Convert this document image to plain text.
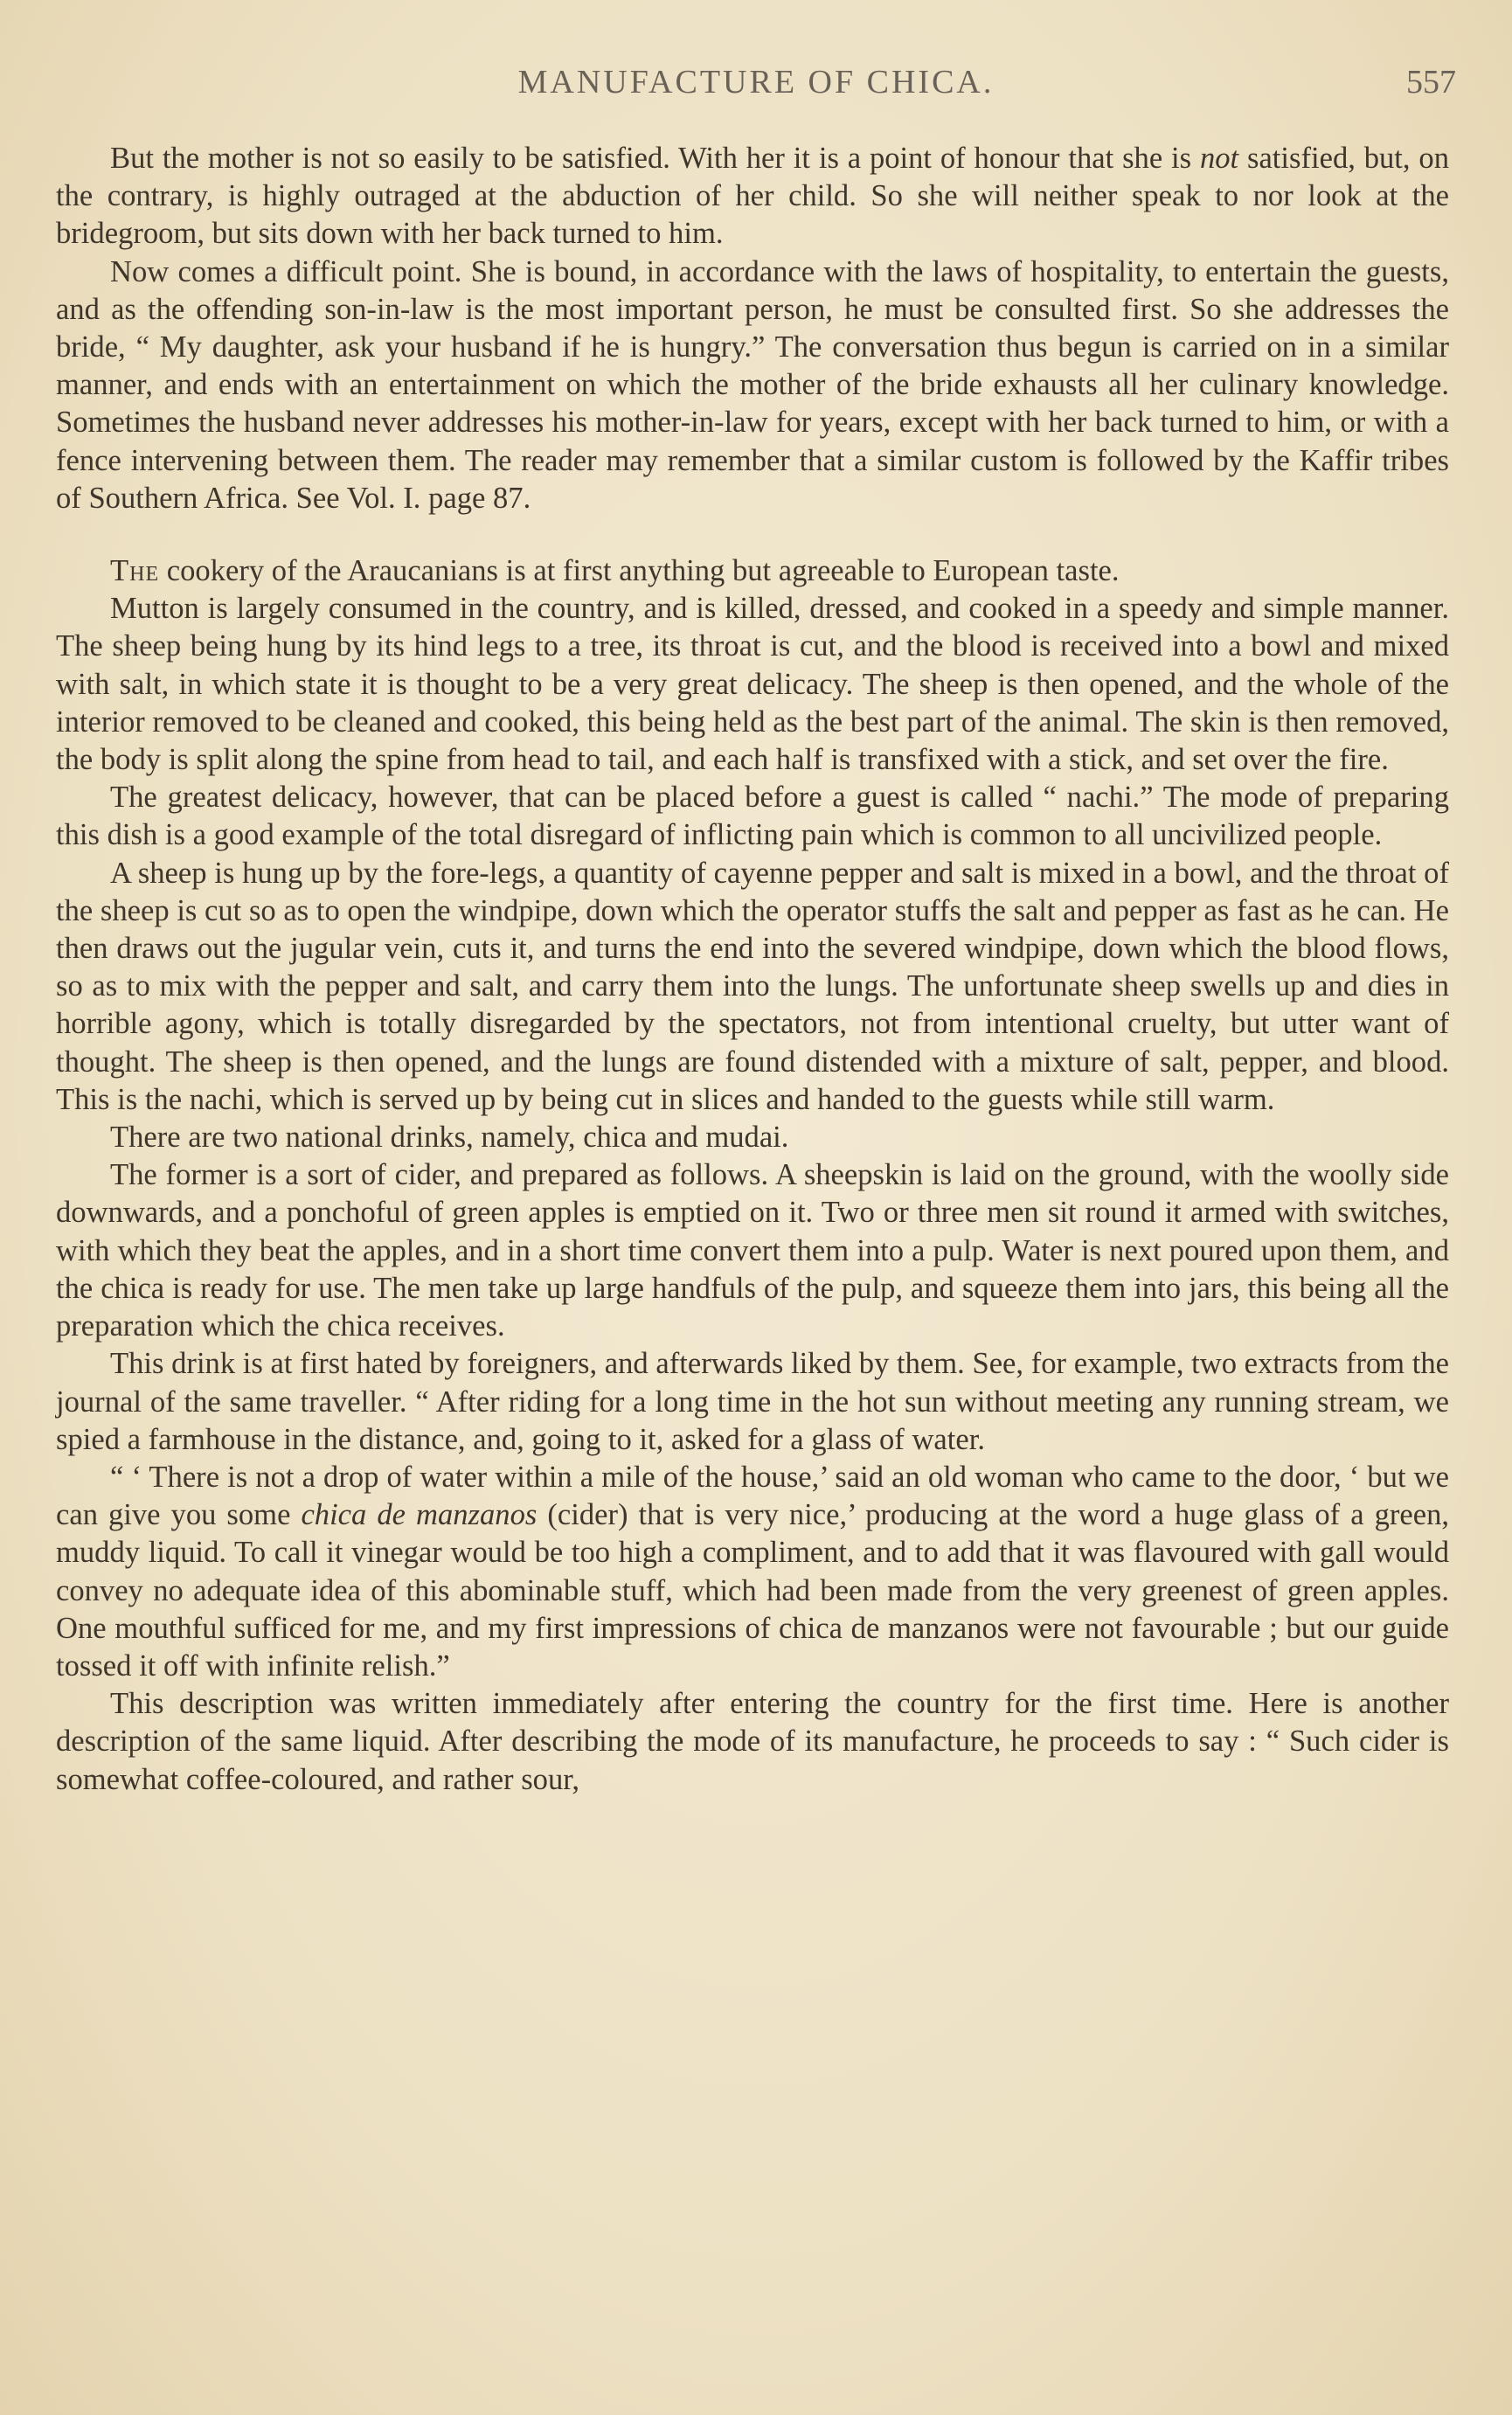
MANUFACTURE OF CHICA.	557

But the mother is not so easily to be satisfied. With her it is a point of honour that she is not satisfied, but, on the contrary, is highly outraged at the abduction of her child. So she will neither speak to nor look at the bridegroom, but sits down with her back turned to him.

Now comes a difficult point. She is bound, in accordance with the laws of hospitality, to entertain the guests, and as the offending son-in-law is the most important person, he must be consulted first. So she addresses the bride, “ My daughter, ask your husband if he is hungry.” The conversation thus begun is carried on in a similar manner, and ends with an entertainment on which the mother of the bride exhausts all her culinary knowledge. Sometimes the husband never addresses his mother-in-law for years, except with her back turned to him, or with a fence intervening between them. The reader may remember that a similar custom is followed by the Kaffir tribes of Southern Africa. See Vol. I. page 87.

The cookery of the Araucanians is at first anything but agreeable to European taste.

Mutton is largely consumed in the country, and is killed, dressed, and cooked in a speedy and simple manner. The sheep being hung by its hind legs to a tree, its throat is cut, and the blood is received into a bowl and mixed with salt, in which state it is thought to be a very great delicacy. The sheep is then opened, and the whole of the interior removed to be cleaned and cooked, this being held as the best part of the animal. The skin is then removed, the body is split along the spine from head to tail, and each half is transfixed with a stick, and set over the fire.

The greatest delicacy, however, that can be placed before a guest is called “ nachi.” The mode of preparing this dish is a good example of the total disregard of inflicting pain which is common to all uncivilized people.

A sheep is hung up by the fore-legs, a quantity of cayenne pepper and salt is mixed in a bowl, and the throat of the sheep is cut so as to open the windpipe, down which the operator stuffs the salt and pepper as fast as he can. He then draws out the jugular vein, cuts it, and turns the end into the severed windpipe, down which the blood flows, so as to mix with the pepper and salt, and carry them into the lungs. The unfortunate sheep swells up and dies in horrible agony, which is totally disregarded by the spectators, not from intentional cruelty, but utter want of thought. The sheep is then opened, and the lungs are found distended with a mixture of salt, pepper, and blood. This is the nachi, which is served up by being cut in slices and handed to the guests while still warm.

There are two national drinks, namely, chica and mudai.

The former is a sort of cider, and prepared as follows. A sheepskin is laid on the ground, with the woolly side downwards, and a ponchoful of green apples is emptied on it. Two or three men sit round it armed with switches, with which they beat the apples, and in a short time convert them into a pulp. Water is next poured upon them, and the chica is ready for use. The men take up large handfuls of the pulp, and squeeze them into jars, this being all the preparation which the chica receives.

This drink is at first hated by foreigners, and afterwards liked by them. See, for example, two extracts from the journal of the same traveller. “ After riding for a long time in the hot sun without meeting any running stream, we spied a farmhouse in the distance, and, going to it, asked for a glass of water.

“ ‘ There is not a drop of water within a mile of the house,’ said an old woman who came to the door, ‘ but we can give you some chica de manzanos (cider) that is very nice,’ producing at the word a huge glass of a green, muddy liquid. To call it vinegar would be too high a compliment, and to add that it was flavoured with gall would convey no adequate idea of this abominable stuff, which had been made from the very greenest of green apples. One mouthful sufficed for me, and my first impressions of chica de manzanos were not favourable ; but our guide tossed it off with infinite relish.”

This description was written immediately after entering the country for the first time. Here is another description of the same liquid. After describing the mode of its manufacture, he proceeds to say : “ Such cider is somewhat coffee-coloured, and rather sour,
